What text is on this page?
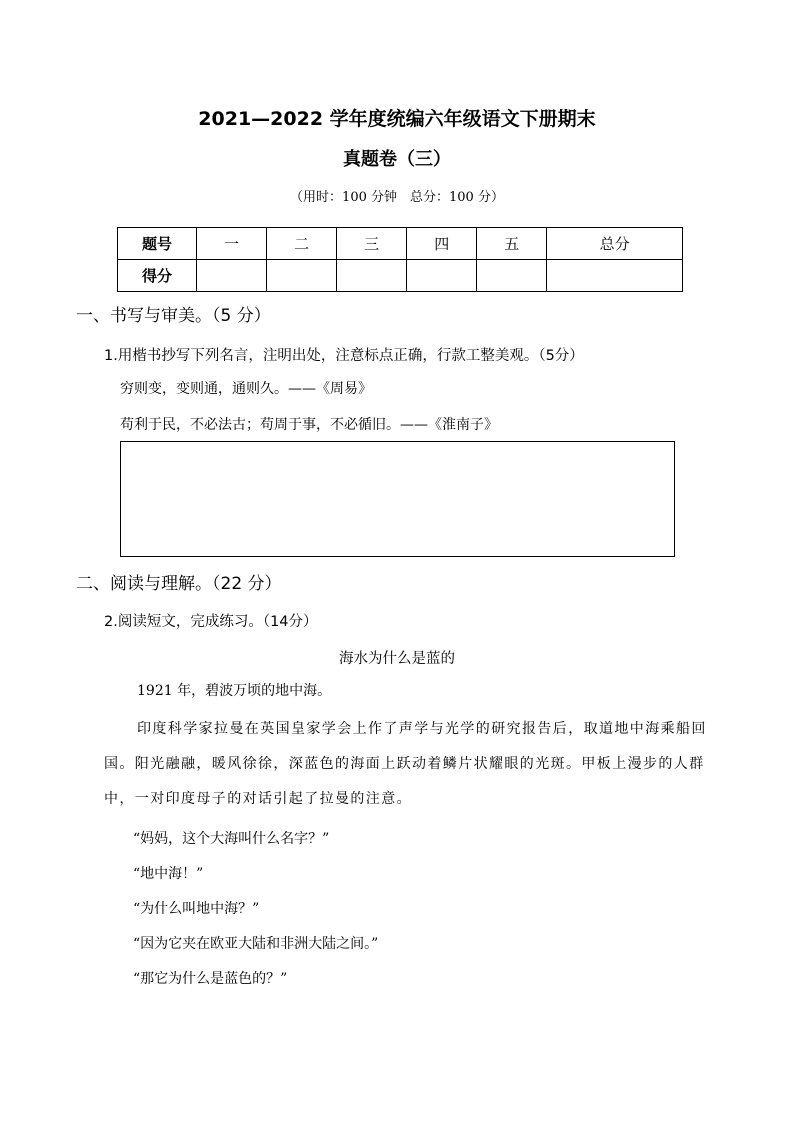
2021—2022 学年度统编六年级语文下册期末
真题卷（三）
（用时：100 分钟　总分：100 分）
题号	一	二	三	四	五	总分
得分						
一、书写与审美。（5 分）
1.用楷书抄写下列名言，注明出处，注意标点正确，行款工整美观。（5分）
穷则变，变则通，通则久。——《周易》
苟利于民，不必法古；苟周于事，不必循旧。——《淮南子》
二、阅读与理解。（22 分）
2.阅读短文，完成练习。（14分）
海水为什么是蓝的
1921 年，碧波万顷的地中海。
印度科学家拉曼在英国皇家学会上作了声学与光学的研究报告后，取道地中海乘船回国。阳光融融，暖风徐徐，深蓝色的海面上跃动着鳞片状耀眼的光斑。甲板上漫步的人群中，一对印度母子的对话引起了拉曼的注意。
“妈妈，这个大海叫什么名字？”
“地中海！”
“为什么叫地中海？”
“因为它夹在欧亚大陆和非洲大陆之间。”
“那它为什么是蓝色的？”
